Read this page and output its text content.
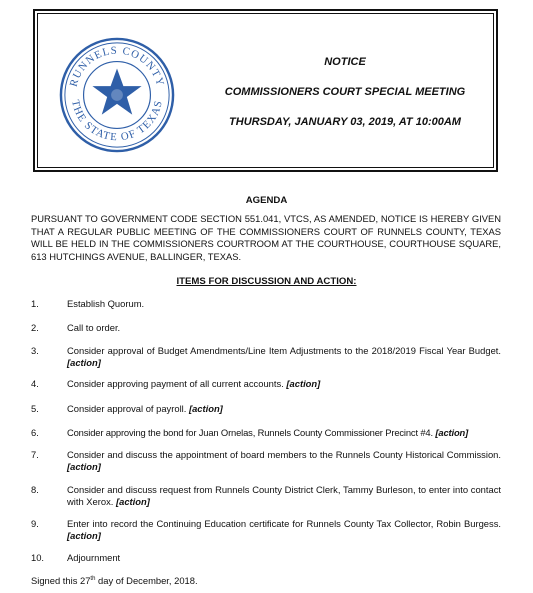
RUNNELS COUNTY
THE STATE OF TEXAS
NOTICE
COMMISSIONERS COURT SPECIAL MEETING
THURSDAY, JANUARY 03, 2019, AT 10:00AM
AGENDA
PURSUANT TO GOVERNMENT CODE SECTION 551.041, VTCS, AS AMENDED, NOTICE IS HEREBY GIVEN THAT A REGULAR PUBLIC MEETING OF THE COMMISSIONERS COURT OF RUNNELS COUNTY, TEXAS WILL BE HELD IN THE COMMISSIONERS COURTROOM AT THE COURTHOUSE, COURTHOUSE SQUARE, 613 HUTCHINGS AVENUE, BALLINGER, TEXAS.
ITEMS FOR DISCUSSION AND ACTION:
1.	Establish Quorum.
2.	Call to order.
3.	Consider approval of Budget Amendments/Line Item Adjustments to the 2018/2019 Fiscal Year Budget. [action]
4.	Consider approving payment of all current accounts. [action]
5.	Consider approval of payroll. [action]
6.	Consider approving the bond for Juan Ornelas, Runnels County Commissioner Precinct #4. [action]
7.	Consider and discuss the appointment of board members to the Runnels County Historical Commission. [action]
8.	Consider and discuss request from Runnels County District Clerk, Tammy Burleson, to enter into contact with Xerox. [action]
9.	Enter into record the Continuing Education certificate for Runnels County Tax Collector, Robin Burgess. [action]
10. Adjournment
Signed this 27th day of December, 2018.
